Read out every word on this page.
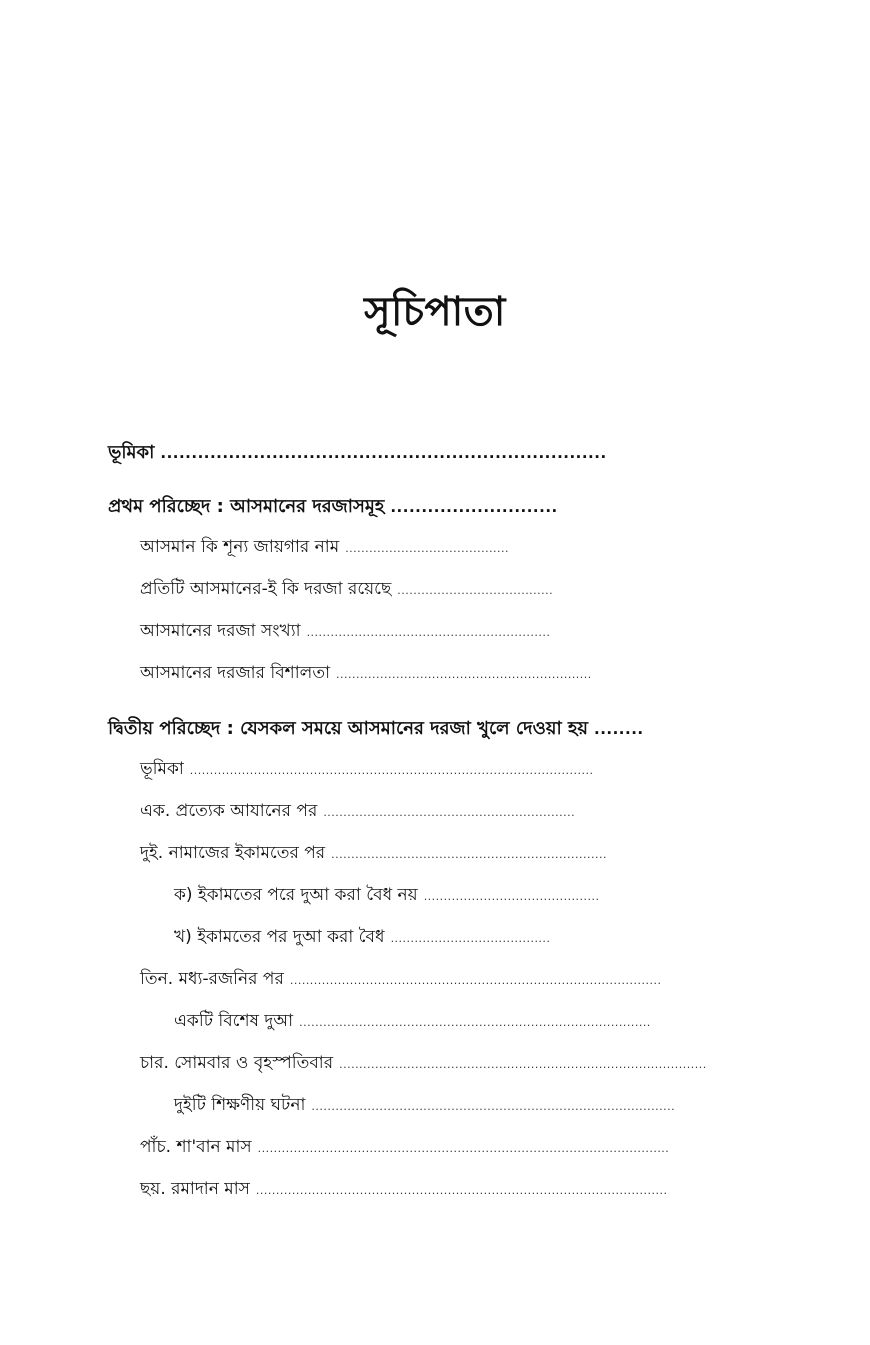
সূচিপাতা
ভূমিকা ........................................................................
প্রথম পরিচ্ছেদ : আসমানের দরজাসমূহ ...........................
আসমান কি শূন্য জায়গার নাম .........................................
প্রতিটি আসমানের-ই কি দরজা রয়েছে .......................................
আসমানের দরজা সংখ্যা .............................................................
আসমানের দরজার বিশালতা ................................................................
দ্বিতীয় পরিচ্ছেদ : যেসকল সময়ে আসমানের দরজা খুলে দেওয়া হয় ........
ভূমিকা .....................................................................................................
এক. প্রত্যেক আযানের পর ...............................................................
দুই. নামাজের ইকামতের পর .....................................................................
ক) ইকামতের পরে দুআ করা বৈধ নয় ............................................
খ) ইকামতের পর দুআ করা বৈধ ........................................
তিন. মধ্য-রজনির পর .............................................................................................
একটি বিশেষ দুআ ........................................................................................
চার. সোমবার ও বৃহস্পতিবার ............................................................................................
দুইটি শিক্ষণীয় ঘটনা ...........................................................................................
পাঁচ. শা'বান মাস .......................................................................................................
ছয়. রমাদান মাস .......................................................................................................
